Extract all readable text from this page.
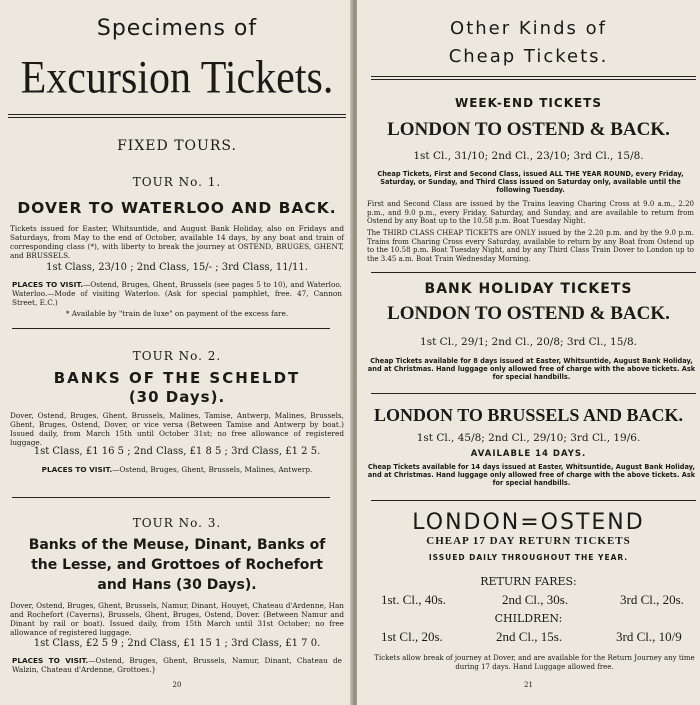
Specimens of
Excursion Tickets.
FIXED TOURS.
TOUR No. 1.
DOVER TO WATERLOO AND BACK.
Tickets issued for Easter, Whitsuntide, and August Bank Holiday, also on Fridays and Saturdays, from May to the end of October, available 14 days, by any boat and train of corresponding class (*), with liberty to break the journey at OSTEND, BRUGES, GHENT, and BRUSSELS.
1st Class, 23/10 ; 2nd Class, 15/- ; 3rd Class, 11/11.
PLACES TO VISIT.—Ostend, Bruges, Ghent, Brussels (see pages 5 to 10), and Waterloo. Waterloo.—Mode of visiting Waterloo. (Ask for special pamphlet, free. 47, Cannon Street, E.C.)
* Available by "train de luxe" on payment of the excess fare.
TOUR No. 2.
BANKS OF THE SCHELDT
(30 Days).
Dover, Ostend, Bruges, Ghent, Brussels, Malines, Tamise, Antwerp, Malines, Brussels, Ghent, Bruges, Ostend, Dover, or vice versa (Between Tamise and Antwerp by boat.) Issued daily, from March 15th until October 31st; no free allowance of registered luggage.
1st Class, £1 16 5 ; 2nd Class, £1 8 5 ; 3rd Class, £1 2 5.
PLACES TO VISIT.—Ostend, Bruges, Ghent, Brussels, Malines, Antwerp.
TOUR No. 3.
Banks of the Meuse, Dinant, Banks of
the Lesse, and Grottoes of Rochefort
and Hans (30 Days).
Dover, Ostend, Bruges, Ghent, Brussels, Namur, Dinant, Houyet, Chateau d'Ardenne, Han and Rochefort (Caverns), Brussels, Ghent, Bruges, Ostend, Dover. (Between Namur and Dinant by rail or boat). Issued daily, from 15th March until 31st October; no free allowance of registered luggage.
1st Class, £2 5 9 ; 2nd Class, £1 15 1 ; 3rd Class, £1 7 0.
PLACES TO VISIT.—Ostend, Bruges, Ghent, Brussels, Namur, Dinant, Chateau de Walzin, Chateau d'Ardenne, Grottoes.}
20
Other Kinds of
Cheap Tickets.
WEEK-END TICKETS
LONDON TO OSTEND & BACK.
1st Cl., 31/10; 2nd Cl., 23/10; 3rd Cl., 15/8.
Cheap Tickets, First and Second Class, issued ALL THE YEAR ROUND, every Friday, Saturday, or Sunday, and Third Class issued on Saturday only, available until the following Tuesday.
First and Second Class are issued by the Trains leaving Charing Cross at 9.0 a.m., 2.20 p.m., and 9.0 p.m., every Friday, Saturday, and Sunday, and are available to return from Ostend by any Boat up to the 10.58 p.m. Boat Tuesday Night.
The THIRD CLASS CHEAP TICKETS are ONLY issued by the 2.20 p.m. and by the 9.0 p.m. Trains from Charing Cross every Saturday, available to return by any Boat from Ostend up to the 10.58 p.m. Boat Tuesday Night, and by any Third Class Train Dover to London up to the 3.45 a.m. Boat Train Wednesday Morning.
BANK HOLIDAY TICKETS
LONDON TO OSTEND & BACK.
1st Cl., 29/1; 2nd Cl., 20/8; 3rd Cl., 15/8.
Cheap Tickets available for 8 days issued at Easter, Whitsuntide, August Bank Holiday, and at Christmas. Hand luggage only allowed free of charge with the above tickets. Ask for special handbills.
LONDON TO BRUSSELS AND BACK.
1st Cl., 45/8; 2nd Cl., 29/10; 3rd Cl., 19/6.
AVAILABLE 14 DAYS.
Cheap Tickets available for 14 days issued at Easter, Whitsuntide, August Bank Holiday, and at Christmas. Hand luggage only allowed free of charge with the above tickets. Ask for special handbills.
LONDON=OSTEND
CHEAP 17 DAY RETURN TICKETS
ISSUED DAILY THROUGHOUT THE YEAR.
RETURN FARES:
1st. Cl., 40s.	2nd Cl., 30s.	3rd Cl., 20s.
CHILDREN:
1st Cl., 20s.	2nd Cl., 15s.	3rd Cl., 10/9
Tickets allow break of journey at Dover, and are available for the Return Journey any time during 17 days. Hand Luggage allowed free.
21
